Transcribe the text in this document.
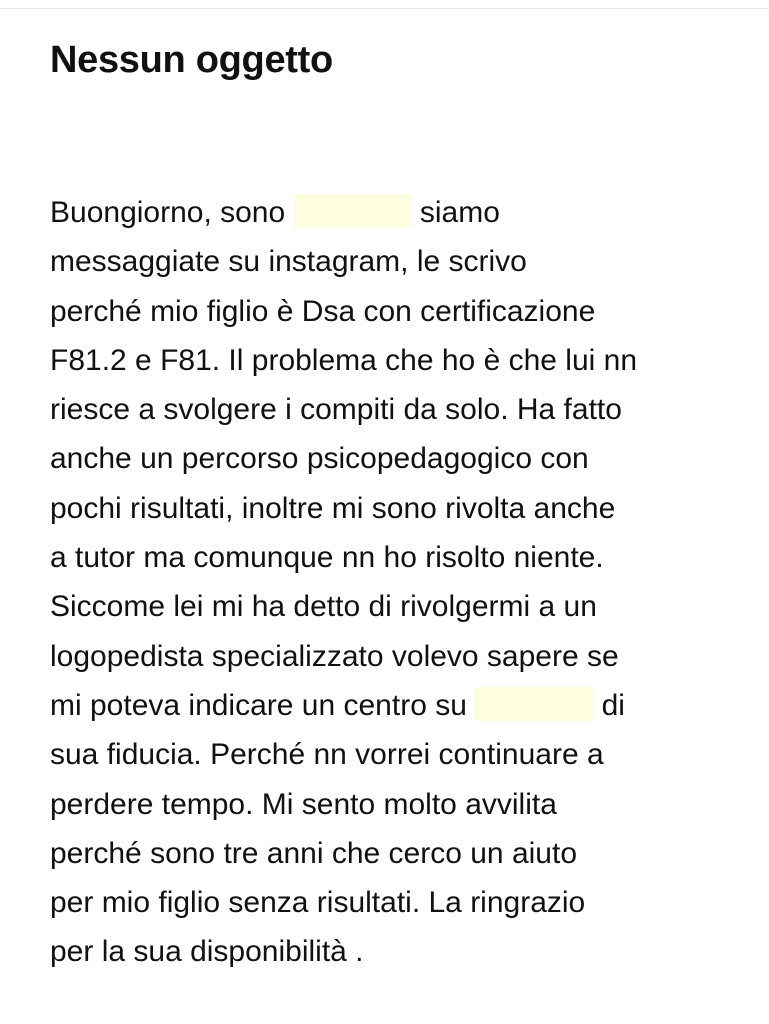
Nessun oggetto
Buongiorno, sono	siamo
messaggiate su instagram, le scrivo
perché mio figlio è Dsa con certificazione
F81.2 e F81. Il problema che ho è che lui nn
riesce a svolgere i compiti da solo. Ha fatto
anche un percorso psicopedagogico con
pochi risultati, inoltre mi sono rivolta anche
a tutor ma comunque nn ho risolto niente.
Siccome lei mi ha detto di rivolgermi a un
logopedista specializzato volevo sapere se
mi poteva indicare un centro su	di
sua fiducia. Perché nn vorrei continuare a
perdere tempo. Mi sento molto avvilita
perché sono tre anni che cerco un aiuto
per mio figlio senza risultati. La ringrazio
per la sua disponibilità .
